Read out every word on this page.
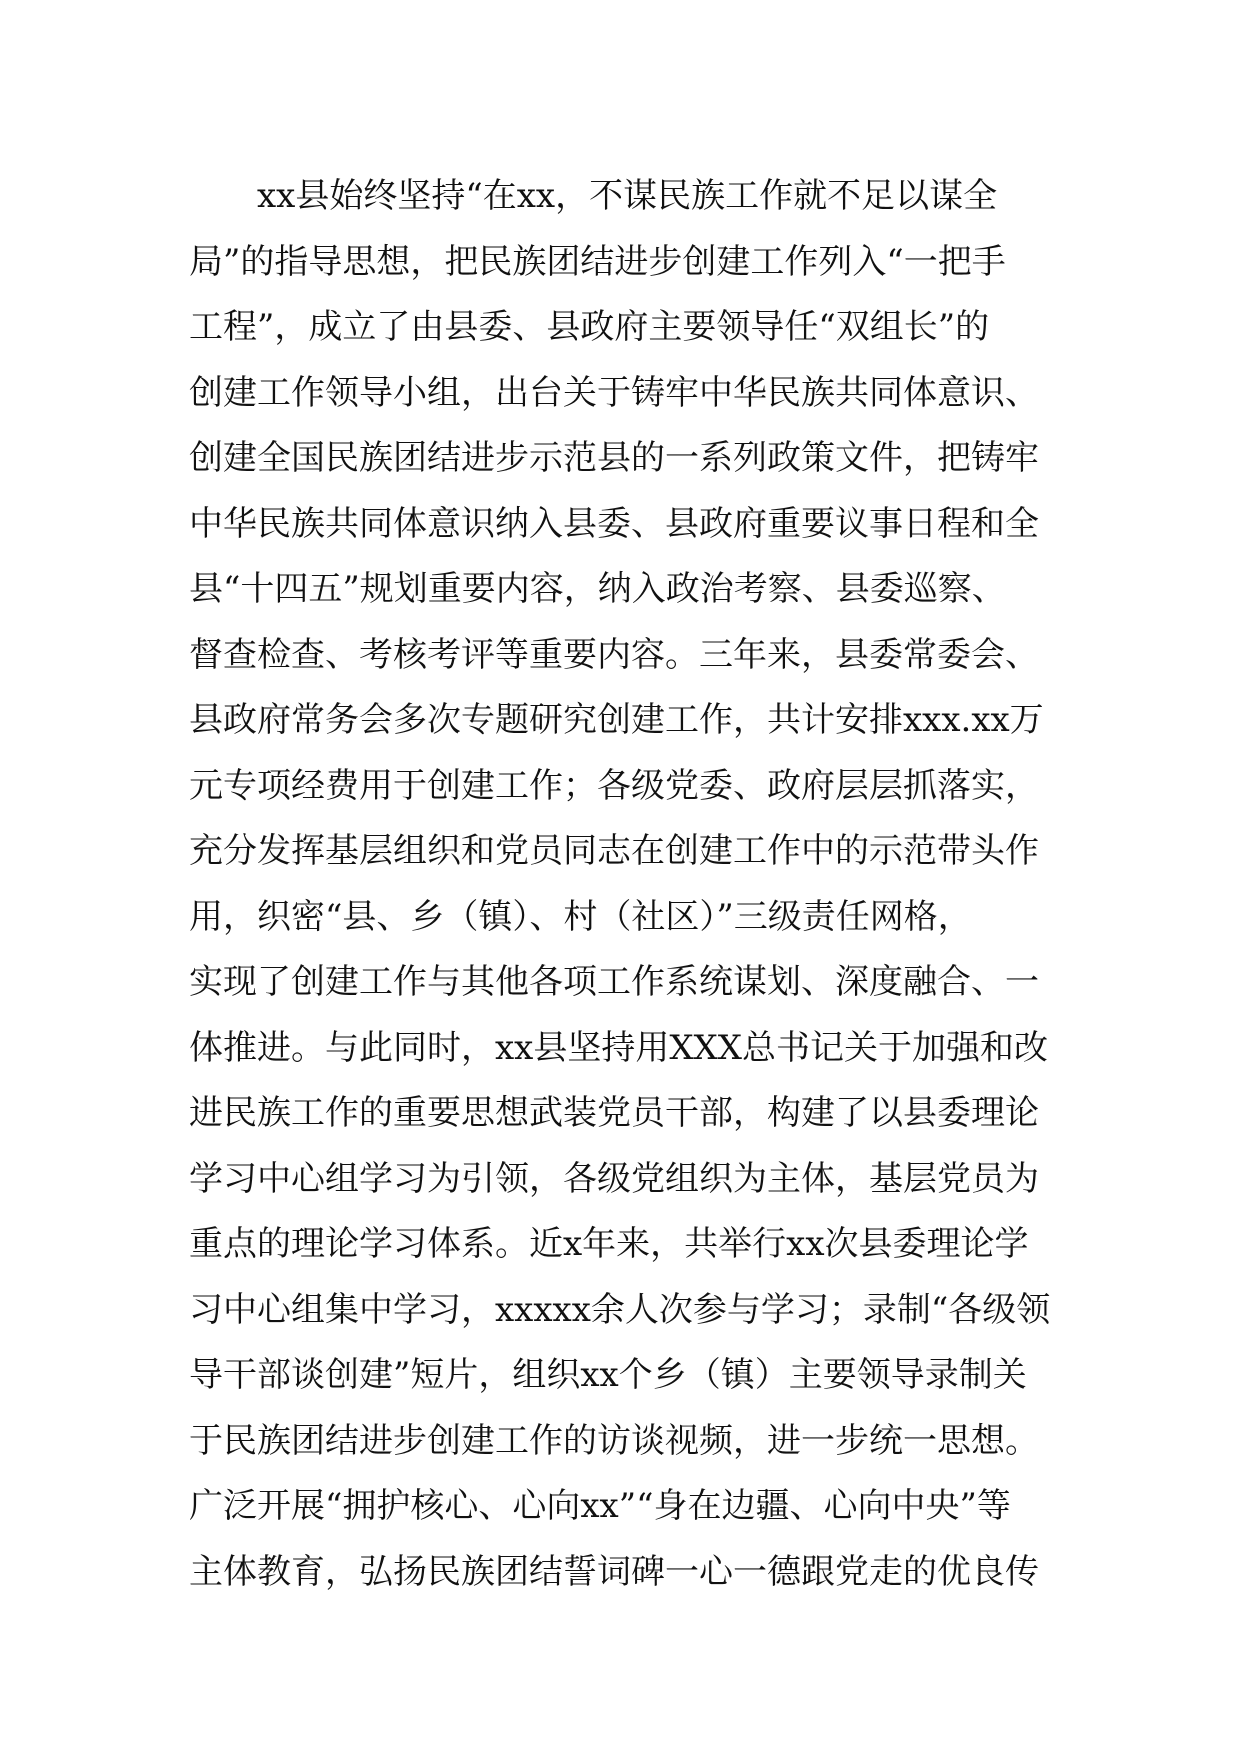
xx县始终坚持“在xx，不谋民族工作就不足以谋全
局”的指导思想，把民族团结进步创建工作列入“一把手
工程”，成立了由县委、县政府主要领导任“双组长”的
创建工作领导小组，出台关于铸牢中华民族共同体意识、
创建全国民族团结进步示范县的一系列政策文件，把铸牢
中华民族共同体意识纳入县委、县政府重要议事日程和全
县“十四五”规划重要内容，纳入政治考察、县委巡察、
督查检查、考核考评等重要内容。三年来，县委常委会、
县政府常务会多次专题研究创建工作，共计安排xxx.xx万
元专项经费用于创建工作；各级党委、政府层层抓落实，
充分发挥基层组织和党员同志在创建工作中的示范带头作
用，织密“县、乡（镇）、村（社区）”三级责任网格，
实现了创建工作与其他各项工作系统谋划、深度融合、一
体推进。与此同时，xx县坚持用XXX总书记关于加强和改
进民族工作的重要思想武装党员干部，构建了以县委理论
学习中心组学习为引领，各级党组织为主体，基层党员为
重点的理论学习体系。近x年来，共举行xx次县委理论学
习中心组集中学习，xxxxx余人次参与学习；录制“各级领
导干部谈创建”短片，组织xx个乡（镇）主要领导录制关
于民族团结进步创建工作的访谈视频，进一步统一思想。
广泛开展“拥护核心、心向xx”“身在边疆、心向中央”等
主体教育，弘扬民族团结誓词碑一心一德跟党走的优良传
